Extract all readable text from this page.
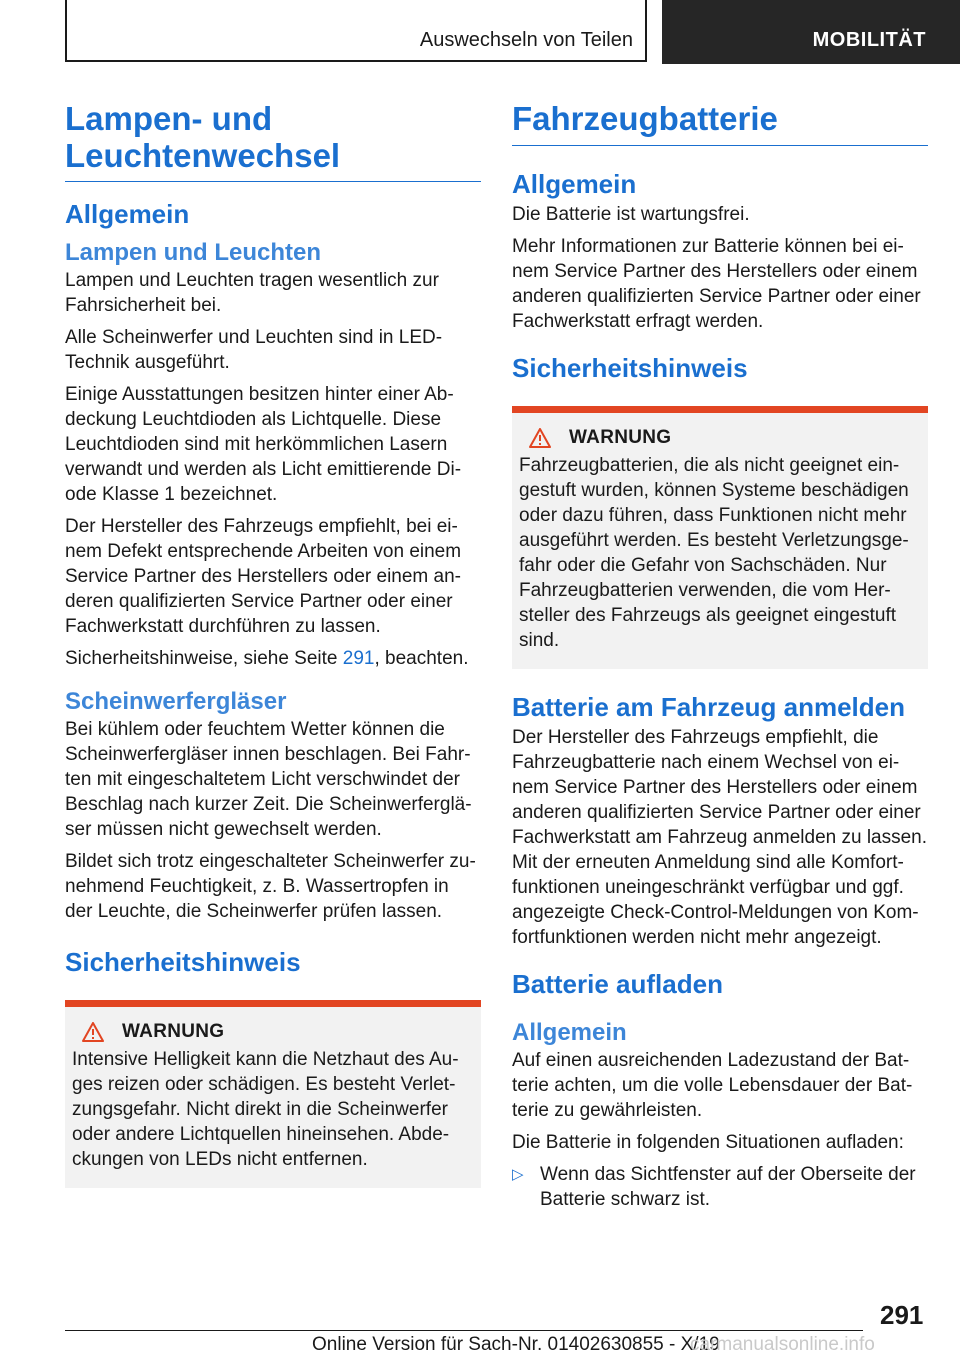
Auswechseln von Teilen	MOBILITÄT
Lampen- und
Leuchtenwechsel
Allgemein
Lampen und Leuchten

Lampen und Leuchten tragen wesentlich zur Fahrsicherheit bei.

Alle Scheinwerfer und Leuchten sind in LED-Technik ausgeführt.

Einige Ausstattungen besitzen hinter einer Ab-deckung Leuchtdioden als Lichtquelle. Diese Leuchtdioden sind mit herkömmlichen Lasern verwandt und werden als Licht emittierende Di-ode Klasse 1 bezeichnet.

Der Hersteller des Fahrzeugs empfiehlt, bei ei-nem Defekt entsprechende Arbeiten von einem Service Partner des Herstellers oder einem an-deren qualifizierten Service Partner oder einer Fachwerkstatt durchführen zu lassen.

Sicherheitshinweise, siehe Seite 291, beachten.

Scheinwerfergläser

Bei kühlem oder feuchtem Wetter können die Scheinwerfergläser innen beschlagen. Bei Fahr-ten mit eingeschaltetem Licht verschwindet der Beschlag nach kurzer Zeit. Die Scheinwerferglä-ser müssen nicht gewechselt werden.

Bildet sich trotz eingeschalteter Scheinwerfer zu-nehmend Feuchtigkeit, z. B. Wassertropfen in der Leuchte, die Scheinwerfer prüfen lassen.

Sicherheitshinweis
WARNUNG

Intensive Helligkeit kann die Netzhaut des Au-ges reizen oder schädigen. Es besteht Verlet-zungsgefahr. Nicht direkt in die Scheinwerfer oder andere Lichtquellen hineinsehen. Abde-ckungen von LEDs nicht entfernen.

Fahrzeugbatterie
Allgemein

Die Batterie ist wartungsfrei.

Mehr Informationen zur Batterie können bei ei-nem Service Partner des Herstellers oder einem anderen qualifizierten Service Partner oder einer Fachwerkstatt erfragt werden.

Sicherheitshinweis
WARNUNG

Fahrzeugbatterien, die als nicht geeignet ein-gestuft wurden, können Systeme beschädigen oder dazu führen, dass Funktionen nicht mehr ausgeführt werden. Es besteht Verletzungsge-fahr oder die Gefahr von Sachschäden. Nur Fahrzeugbatterien verwenden, die vom Her-steller des Fahrzeugs als geeignet eingestuft sind.

Batterie am Fahrzeug anmelden

Der Hersteller des Fahrzeugs empfiehlt, die Fahrzeugbatterie nach einem Wechsel von ei-nem Service Partner des Herstellers oder einem anderen qualifizierten Service Partner oder einer Fachwerkstatt am Fahrzeug anmelden zu lassen. Mit der erneuten Anmeldung sind alle Komfort-funktionen uneingeschränkt verfügbar und ggf. angezeigte Check-Control-Meldungen von Kom-fortfunktionen werden nicht mehr angezeigt.

Batterie aufladen
Allgemein

Auf einen ausreichenden Ladezustand der Bat-terie achten, um die volle Lebensdauer der Bat-terie zu gewährleisten.

Die Batterie in folgenden Situationen aufladen:

▷ Wenn das Sichtfenster auf der Oberseite der Batterie schwarz ist.
291
Online Version für Sach-Nr. 01402630855 - X/19
carmanualsonline.info
